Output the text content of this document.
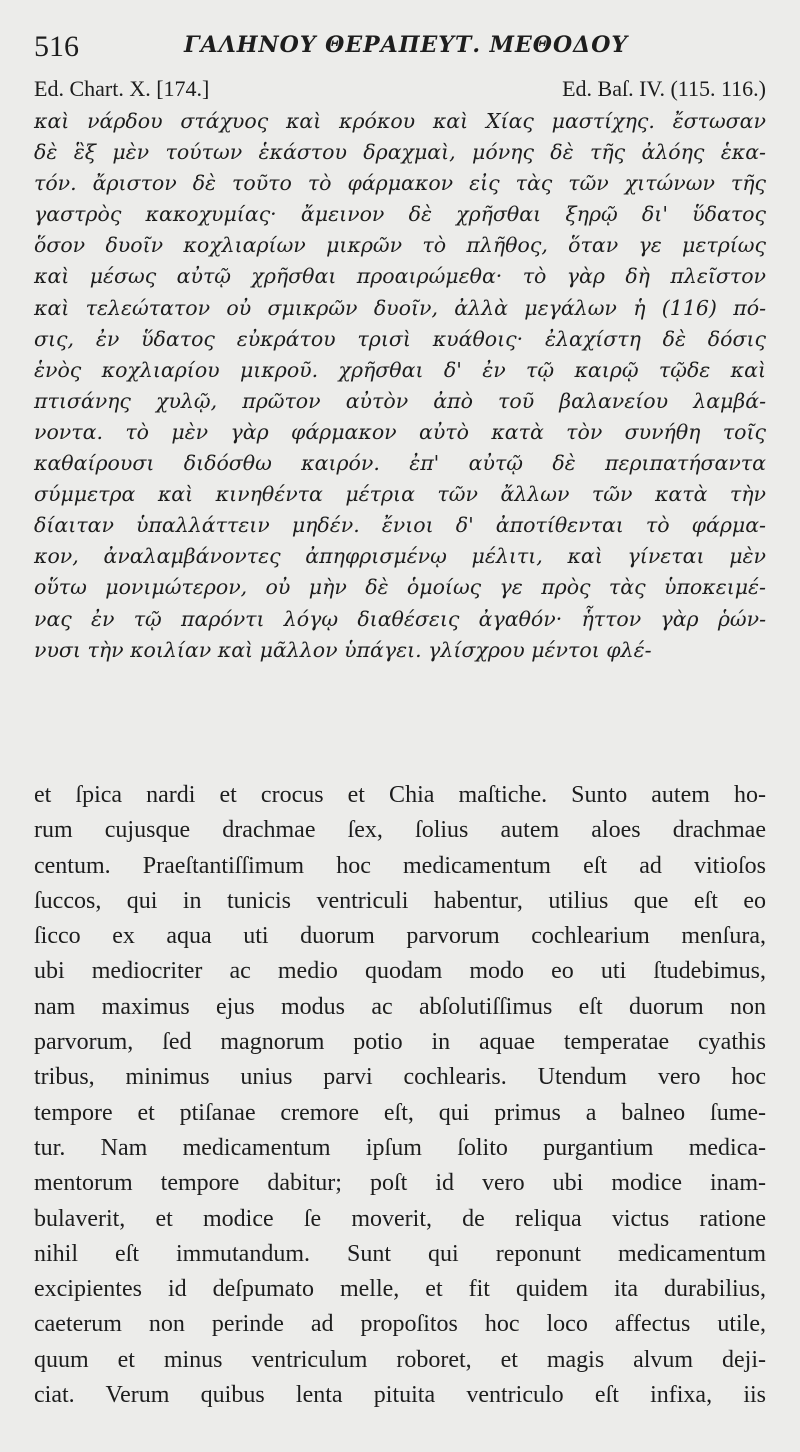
516	ΓΑΛΗΝΟΥ ΘΕΡΑΠΕΥΤ. ΜΕΘΟΔΟΥ
Ed. Chart. X. [174.]	Ed. Baſ. IV. (115. 116.)
καὶ νάρδου στάχυος καὶ κρόκου καὶ Χίας μαστίχης. ἔστωσαν
δὲ ἓξ μὲν τούτων ἑκάστου δραχμαὶ, μόνης δὲ τῆς ἀλόης ἑκα-
τόν. ἄριστον δὲ τοῦτο τὸ φάρμακον εἰς τὰς τῶν χιτώνων τῆς
γαστρὸς κακοχυμίας· ἄμεινον δὲ χρῆσθαι ξηρῷ δι' ὕδατος
ὅσον δυοῖν κοχλιαρίων μικρῶν τὸ πλῆθος, ὅταν γε μετρίως
καὶ μέσως αὐτῷ χρῆσθαι προαιρώμεθα· τὸ γὰρ δὴ πλεῖστον
καὶ τελεώτατον οὐ σμικρῶν δυοῖν, ἀλλὰ μεγάλων ἡ (116) πό-
σις, ἐν ὕδατος εὐκράτου τρισὶ κυάθοις· ἐλαχίστη δὲ δόσις
ἑνὸς κοχλιαρίου μικροῦ. χρῆσθαι δ' ἐν τῷ καιρῷ τῷδε καὶ
πτισάνης χυλῷ, πρῶτον αὐτὸν ἀπὸ τοῦ βαλανείου λαμβά-
νοντα. τὸ μὲν γὰρ φάρμακον αὐτὸ κατὰ τὸν συνήθη τοῖς
καθαίρουσι διδόσθω καιρόν. ἐπ' αὐτῷ δὲ περιπατήσαντα
σύμμετρα καὶ κινηθέντα μέτρια τῶν ἄλλων τῶν κατὰ τὴν
δίαιταν ὑπαλλάττειν μηδέν. ἔνιοι δ' ἀποτίθενται τὸ φάρμα-
κον, ἀναλαμβάνοντες ἀπηφρισμένῳ μέλιτι, καὶ γίνεται μὲν
οὕτω μονιμώτερον, οὐ μὴν δὲ ὁμοίως γε πρὸς τὰς ὑποκειμέ-
νας ἐν τῷ παρόντι λόγῳ διαθέσεις ἀγαθόν· ἧττον γὰρ ῥών-
νυσι τὴν κοιλίαν καὶ μᾶλλον ὑπάγει. γλίσχρου μέντοι φλέ-
et ſpica nardi et crocus et Chia maſtiche. Sunto autem ho-
rum cujusque drachmae ſex, ſolius autem aloes drachmae
centum. Praeſtantiſſimum hoc medicamentum eſt ad vitioſos
ſuccos, qui in tunicis ventriculi habentur, utilius que eſt eo
ſicco ex aqua uti duorum parvorum cochlearium menſura,
ubi mediocriter ac medio quodam modo eo uti ſtudebimus,
nam maximus ejus modus ac abſolutiſſimus eſt duorum non
parvorum, ſed magnorum potio in aquae temperatae cyathis
tribus, minimus unius parvi cochlearis. Utendum vero hoc
tempore et ptiſanae cremore eſt, qui primus a balneo ſume-
tur. Nam medicamentum ipſum ſolito purgantium medica-
mentorum tempore dabitur; poſt id vero ubi modice inam-
bulaverit, et modice ſe moverit, de reliqua victus ratione
nihil eſt immutandum. Sunt qui reponunt medicamentum
excipientes id deſpumato melle, et fit quidem ita durabilius,
caeterum non perinde ad propoſitos hoc loco affectus utile,
quum et minus ventriculum roboret, et magis alvum deji-
ciat. Verum quibus lenta pituita ventriculo eſt infixa, iis
